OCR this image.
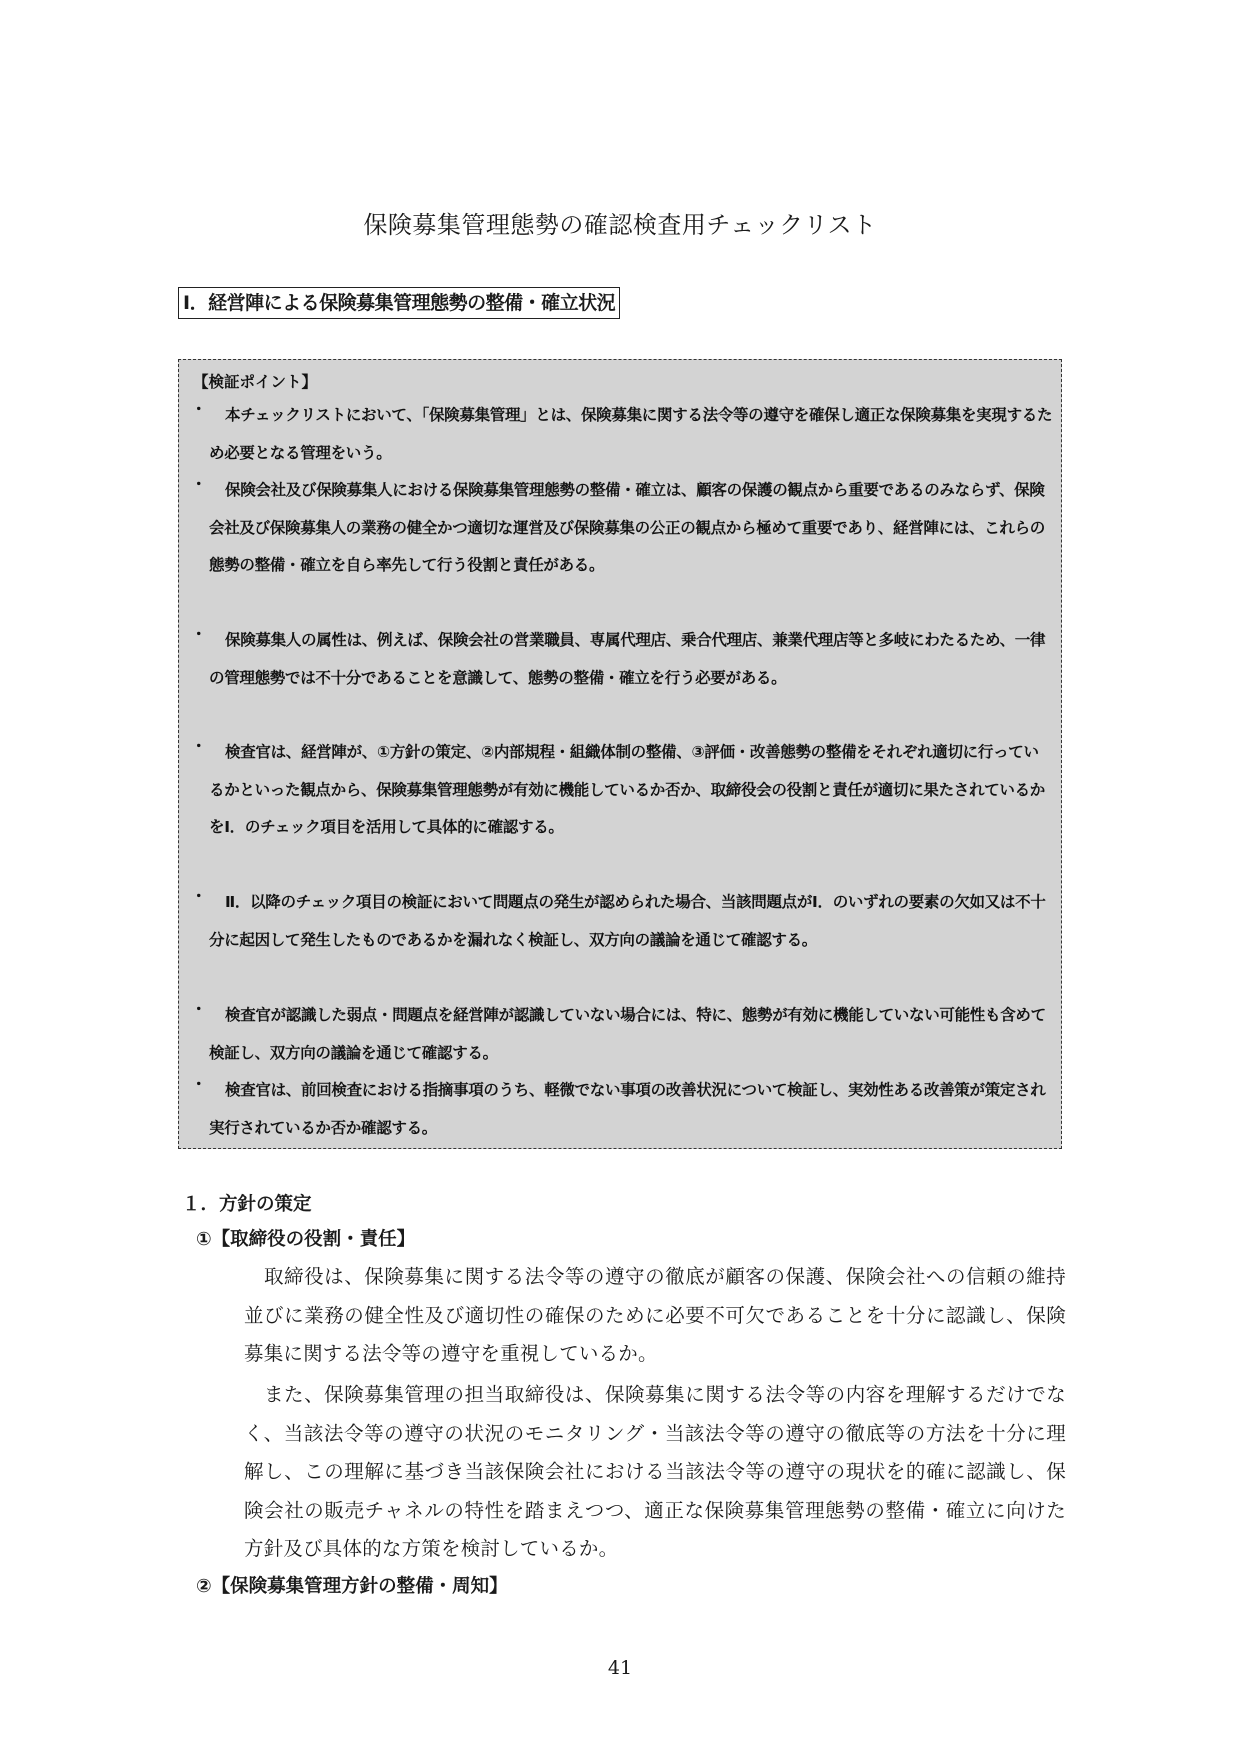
保険募集管理態勢の確認検査用チェックリスト
Ⅰ．経営陣による保険募集管理態勢の整備・確立状況
【検証ポイント】
・	本チェックリストにおいて、「保険募集管理」とは、保険募集に関する法令等の遵守を確保し適正な保険募集を実現するため必要となる管理をいう。
・	保険会社及び保険募集人における保険募集管理態勢の整備・確立は、顧客の保護の観点から重要であるのみならず、保険会社及び保険募集人の業務の健全かつ適切な運営及び保険募集の公正の観点から極めて重要であり、経営陣には、これらの態勢の整備・確立を自ら率先して行う役割と責任がある。
・	保険募集人の属性は、例えば、保険会社の営業職員、専属代理店、乗合代理店、兼業代理店等と多岐にわたるため、一律の管理態勢では不十分であることを意識して、態勢の整備・確立を行う必要がある。
・	検査官は、経営陣が、①方針の策定、②内部規程・組織体制の整備、③評価・改善態勢の整備をそれぞれ適切に行っているかといった観点から、保険募集管理態勢が有効に機能しているか否か、取締役会の役割と責任が適切に果たされているかをⅠ．のチェック項目を活用して具体的に確認する。
・	Ⅱ．以降のチェック項目の検証において問題点の発生が認められた場合、当該問題点がⅠ．のいずれの要素の欠如又は不十分に起因して発生したものであるかを漏れなく検証し、双方向の議論を通じて確認する。
・	検査官が認識した弱点・問題点を経営陣が認識していない場合には、特に、態勢が有効に機能していない可能性も含めて検証し、双方向の議論を通じて確認する。
・	検査官は、前回検査における指摘事項のうち、軽微でない事項の改善状況について検証し、実効性ある改善策が策定され実行されているか否か確認する。
１．方針の策定
①【取締役の役割・責任】
取締役は、保険募集に関する法令等の遵守の徹底が顧客の保護、保険会社への信頼の維持並びに業務の健全性及び適切性の確保のために必要不可欠であることを十分に認識し、保険募集に関する法令等の遵守を重視しているか。
また、保険募集管理の担当取締役は、保険募集に関する法令等の内容を理解するだけでなく、当該法令等の遵守の状況のモニタリング・当該法令等の遵守の徹底等の方法を十分に理解し、この理解に基づき当該保険会社における当該法令等の遵守の現状を的確に認識し、保険会社の販売チャネルの特性を踏まえつつ、適正な保険募集管理態勢の整備・確立に向けた方針及び具体的な方策を検討しているか。
②【保険募集管理方針の整備・周知】
41
